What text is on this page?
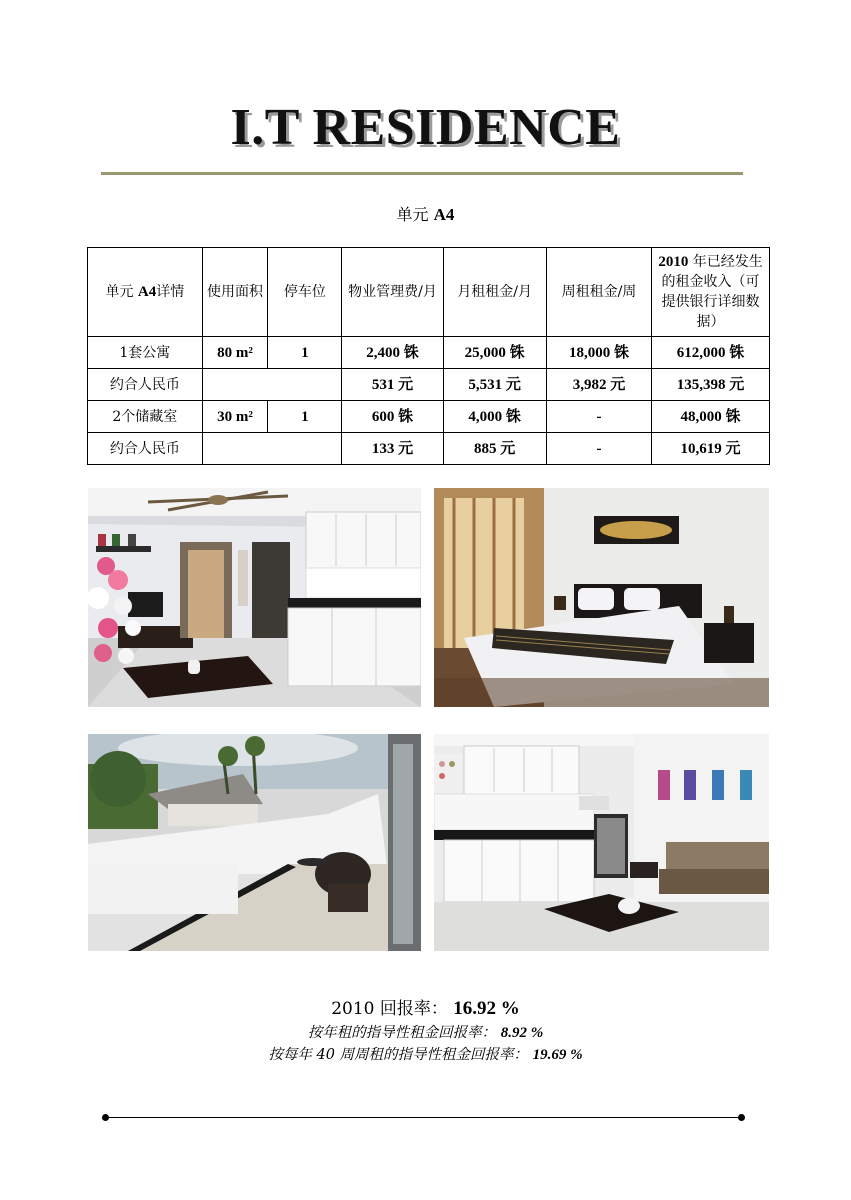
I.T RESIDENCE
单元 A4
单元 A4详情	使用面积	停车位	物业管理费/月	月租租金/月	周租租金/周	2010 年已经发生的租金收入（可提供银行详细数据）
1套公寓	80 m²	1	2,400 铢	25,000 铢	18,000 铢	612,000 铢
约合人民币			531 元	5,531 元	3,982 元	135,398 元
2个储藏室	30 m²	1	600 铢	4,000 铢	-	48,000 铢
约合人民币			133 元	885 元	-	10,619 元
2010 回报率： 16.92 %
按年租的指导性租金回报率： 8.92 %
按每年 40 周周租的指导性租金回报率： 19.69 %
